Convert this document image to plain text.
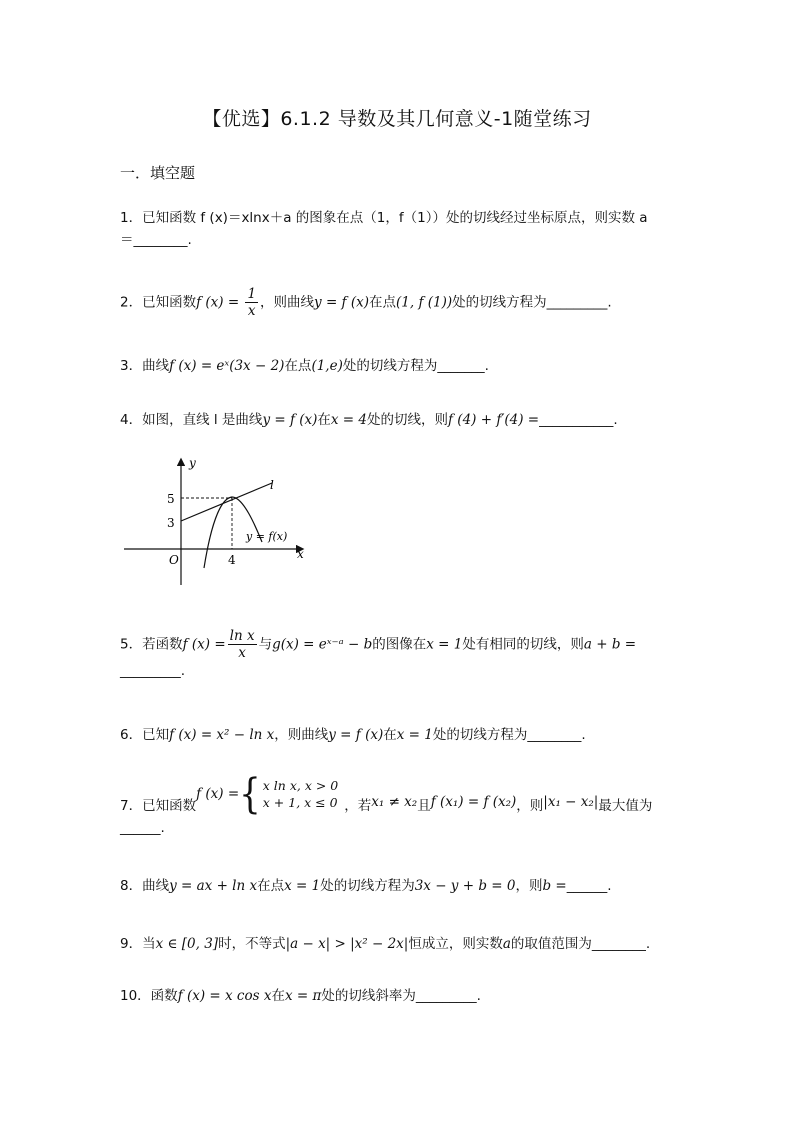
【优选】6.1.2 导数及其几何意义-1随堂练习
一．填空题
1．已知函数 f (x)＝xlnx＋a 的图象在点（1，f（1））处的切线经过坐标原点，则实数 a
＝________.
2．已知函数f $(x) = \frac{1}{x}$ ，则曲线y = f (x)在点(1, f (1))处的切线方程为_________.
3．曲线f (x) = eˣ(3x − 2)在点(1,e)处的切线方程为_______.
4．如图，直线 l 是曲线y = f (x)在x = 4处的切线，则f (4) + f′(4) =___________.
y
x
O
5
3
4
l
y = f(x)
5．若函数f $(x) = \frac{\text{ln x}}{x}$ 与g(x) = eˣ⁻ᵃ − b的图像在x = 1处有相同的切线，则a + b =
_________.
6．已知f (x) = x² − ln x，则曲线y = f (x)在x = 1处的切线方程为________.
7．已知函数
f (x) = { x ln x, x > 0
x + 1, x ≤ 0 ，若 x₁ ≠ x₂ 且 f (x₁) = f (x₂) ，则 |x₁ − x₂| 最大值为
______.
8．曲线y = ax + ln x在点x = 1处的切线方程为3x − y + b = 0，则b =______.
9．当x ∈ [0, 3]时，不等式|a − x| > |x² − 2x|恒成立，则实数a的取值范围为________.
10．函数f (x) = x cos x在x = π处的切线斜率为_________.
